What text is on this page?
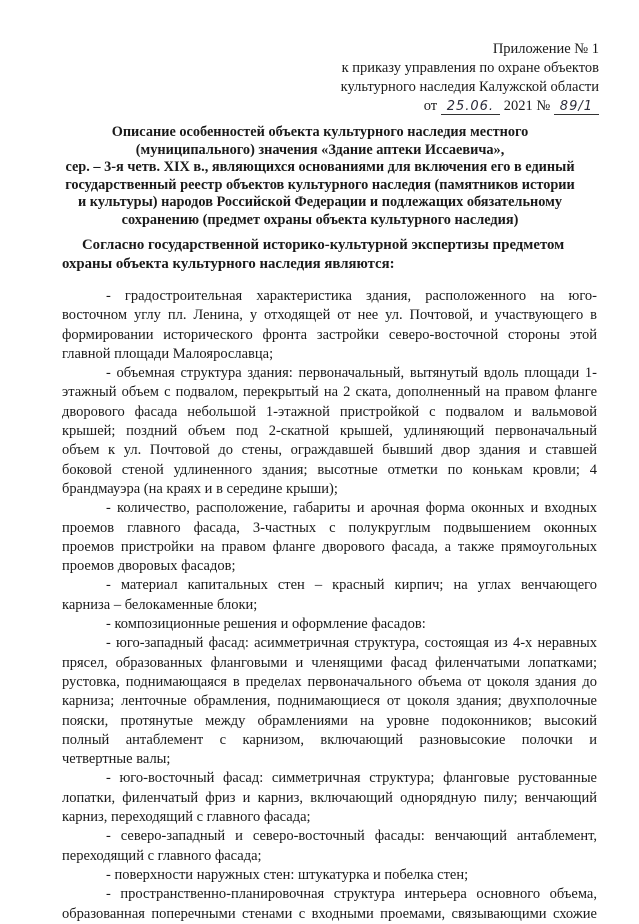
Приложение № 1
к приказу управления по охране объектов
культурного наследия Калужской области
от 25.06. 2021 № 89/1
Описание особенностей объекта культурного наследия местного
(муниципального) значения «Здание аптеки Иссаевича»,
сер. – 3-я четв. XIX в., являющихся основаниями для включения его в единый
государственный реестр объектов культурного наследия (памятников истории
и культуры) народов Российской Федерации и подлежащих обязательному
сохранению (предмет охраны объекта культурного наследия)
Согласно государственной историко-культурной экспертизы предметом
охраны объекта культурного наследия являются:
- градостроительная характеристика здания, расположенного на юго-
восточном углу пл. Ленина, у отходящей от нее ул. Почтовой, и участвующего в
формировании исторического фронта застройки северо-восточной стороны этой
главной площади Малоярославца;
- объемная структура здания: первоначальный, вытянутый вдоль площади 1-
этажный объем с подвалом, перекрытый на 2 ската, дополненный на правом фланге
дворового фасада небольшой 1-этажной пристройкой с подвалом и вальмовой
крышей; поздний объем под 2-скатной крышей, удлиняющий первоначальный
объем к ул. Почтовой до стены, ограждавшей бывший двор здания и ставшей
боковой стеной удлиненного здания; высотные отметки по конькам кровли; 4
брандмауэра (на краях и в середине крыши);
- количество, расположение, габариты и арочная форма оконных и входных
проемов главного фасада, 3-частных с полукруглым подвышением оконных
проемов пристройки на правом фланге дворового фасада, а также прямоугольных
проемов дворовых фасадов;
- материал капитальных стен – красный кирпич; на углах венчающего
карниза – белокаменные блоки;
- композиционные решения и оформление фасадов:
- юго-западный фасад: асимметричная структура, состоящая из 4-х неравных
прясел, образованных фланговыми и членящими фасад филенчатыми лопатками;
рустовка, поднимающаяся в пределах первоначального объема от цоколя здания до
карниза; ленточные обрамления, поднимающиеся от цоколя здания; двухполочные
пояски, протянутые между обрамлениями на уровне подоконников; высокий
полный антаблемент с карнизом, включающий разновысокие полочки и
четвертные валы;
- юго-восточный фасад: симметричная структура; фланговые рустованные
лопатки, филенчатый фриз и карниз, включающий однорядную пилу; венчающий
карниз, переходящий с главного фасада;
- северо-западный и северо-восточный фасады: венчающий антаблемент,
переходящий с главного фасада;
- поверхности наружных стен: штукатурка и побелка стен;
- пространственно-планировочная структура интерьера основного объема,
образованная поперечными стенами с входными проемами, связывающими схожие
